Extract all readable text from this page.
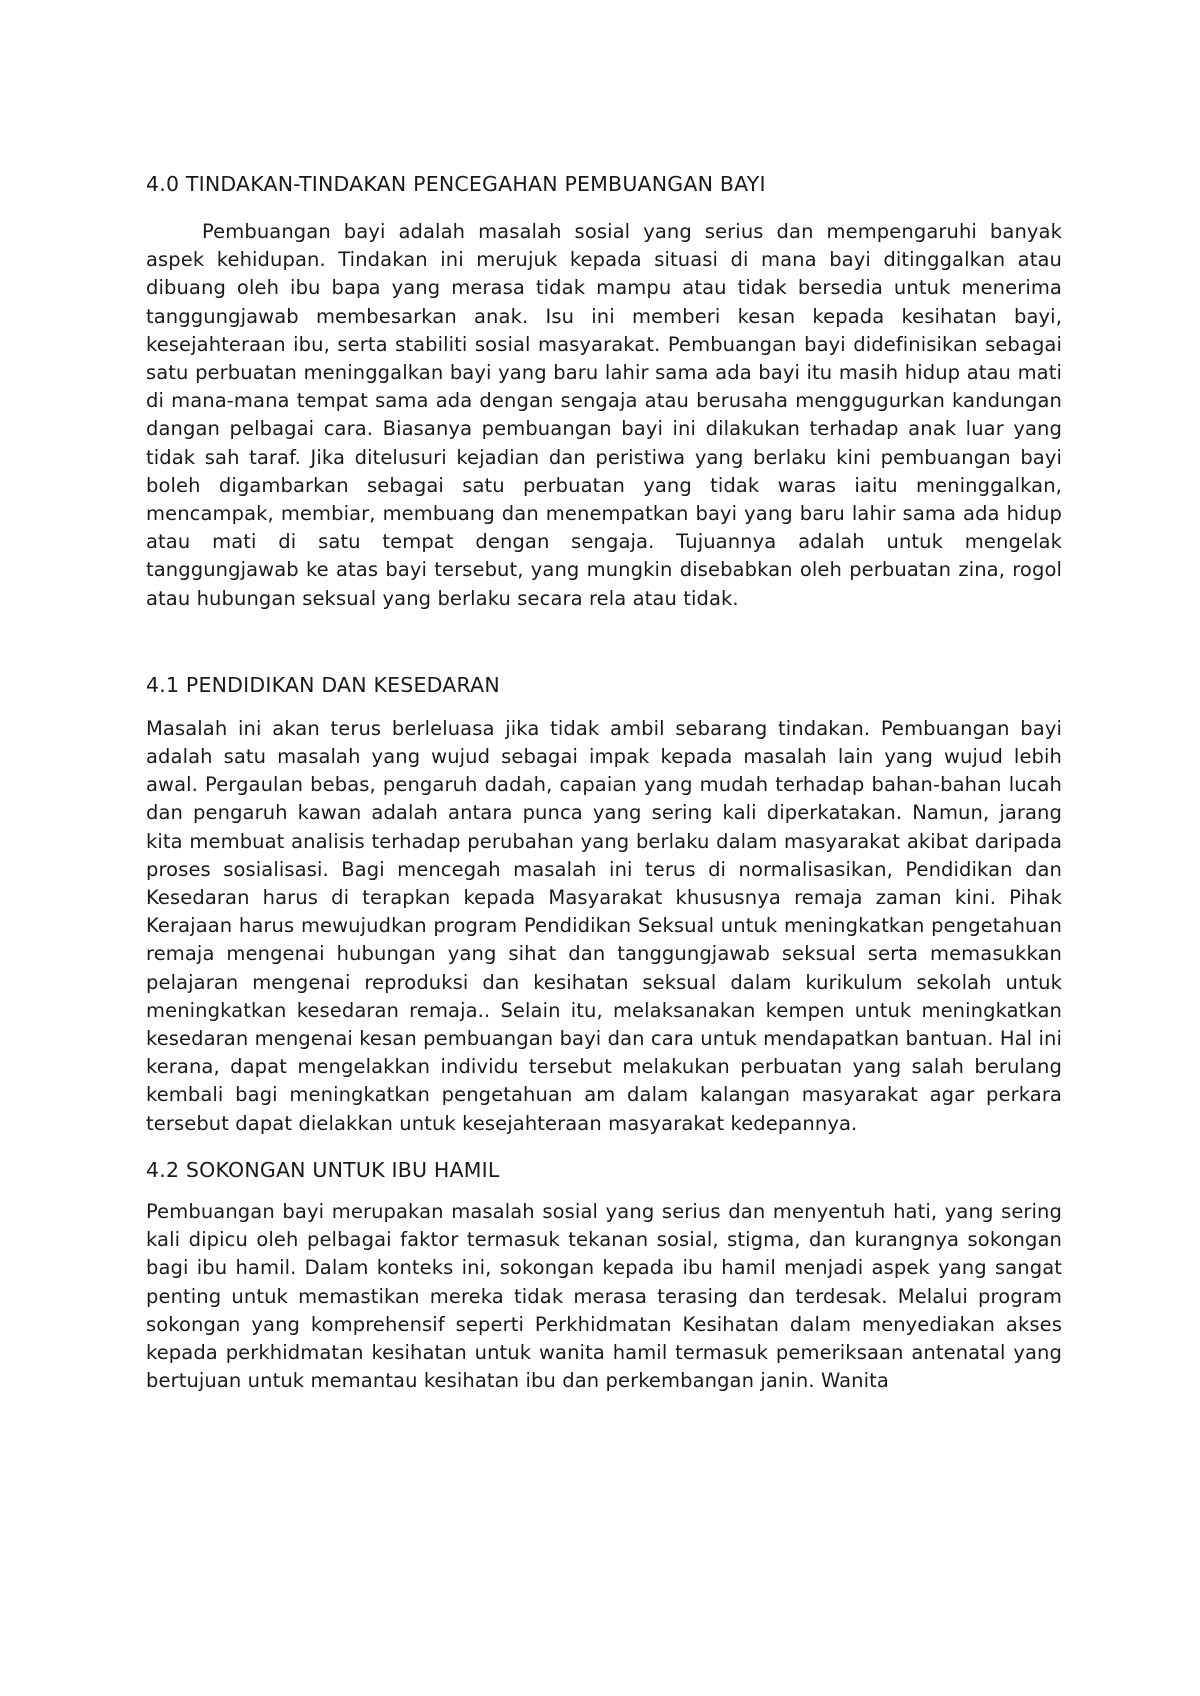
4.0 TINDAKAN-TINDAKAN PENCEGAHAN PEMBUANGAN BAYI

Pembuangan bayi adalah masalah sosial yang serius dan mempengaruhi banyak aspek kehidupan. Tindakan ini merujuk kepada situasi di mana bayi ditinggalkan atau dibuang oleh ibu bapa yang merasa tidak mampu atau tidak bersedia untuk menerima tanggungjawab membesarkan anak. Isu ini memberi kesan kepada kesihatan bayi, kesejahteraan ibu, serta stabiliti sosial masyarakat. Pembuangan bayi didefinisikan sebagai satu perbuatan meninggalkan bayi yang baru lahir sama ada bayi itu masih hidup atau mati di mana-mana tempat sama ada dengan sengaja atau berusaha menggugurkan kandungan dangan pelbagai cara. Biasanya pembuangan bayi ini dilakukan terhadap anak luar yang tidak sah taraf. Jika ditelusuri kejadian dan peristiwa yang berlaku kini pembuangan bayi boleh digambarkan sebagai satu perbuatan yang tidak waras iaitu meninggalkan, mencampak, membiar, membuang dan menempatkan bayi yang baru lahir sama ada hidup atau mati di satu tempat dengan sengaja. Tujuannya adalah untuk mengelak tanggungjawab ke atas bayi tersebut, yang mungkin disebabkan oleh perbuatan zina, rogol atau hubungan seksual yang berlaku secara rela atau tidak.

4.1 PENDIDIKAN DAN KESEDARAN

Masalah ini akan terus berleluasa jika tidak ambil sebarang tindakan. Pembuangan bayi adalah satu masalah yang wujud sebagai impak kepada masalah lain yang wujud lebih awal. Pergaulan bebas, pengaruh dadah, capaian yang mudah terhadap bahan-bahan lucah dan pengaruh kawan adalah antara punca yang sering kali diperkatakan. Namun, jarang kita membuat analisis terhadap perubahan yang berlaku dalam masyarakat akibat daripada proses sosialisasi. Bagi mencegah masalah ini terus di normalisasikan, Pendidikan dan Kesedaran harus di terapkan kepada Masyarakat khususnya remaja zaman kini. Pihak Kerajaan harus mewujudkan program Pendidikan Seksual untuk meningkatkan pengetahuan remaja mengenai hubungan yang sihat dan tanggungjawab seksual serta memasukkan pelajaran mengenai reproduksi dan kesihatan seksual dalam kurikulum sekolah untuk meningkatkan kesedaran remaja.. Selain itu, melaksanakan kempen untuk meningkatkan kesedaran mengenai kesan pembuangan bayi dan cara untuk mendapatkan bantuan. Hal ini kerana, dapat mengelakkan individu tersebut melakukan perbuatan yang salah berulang kembali bagi meningkatkan pengetahuan am dalam kalangan masyarakat agar perkara tersebut dapat dielakkan untuk kesejahteraan masyarakat kedepannya.

4.2 SOKONGAN UNTUK IBU HAMIL

Pembuangan bayi merupakan masalah sosial yang serius dan menyentuh hati, yang sering kali dipicu oleh pelbagai faktor termasuk tekanan sosial, stigma, dan kurangnya sokongan bagi ibu hamil. Dalam konteks ini, sokongan kepada ibu hamil menjadi aspek yang sangat penting untuk memastikan mereka tidak merasa terasing dan terdesak. Melalui program sokongan yang komprehensif seperti Perkhidmatan Kesihatan dalam menyediakan akses kepada perkhidmatan kesihatan untuk wanita hamil termasuk pemeriksaan antenatal yang bertujuan untuk memantau kesihatan ibu dan perkembangan janin. Wanita
